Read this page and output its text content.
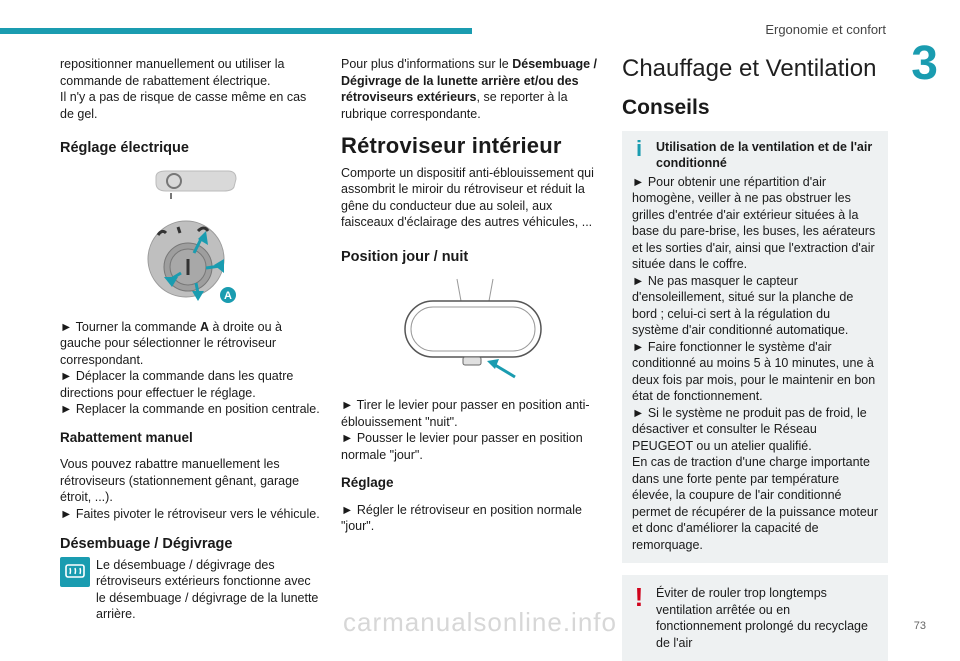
Ergonomie et confort
3

repositionner manuellement ou utiliser la commande de rabattement électrique.

Il n'y a pas de risque de casse même en cas de gel.

Réglage électrique
A

► Tourner la commande A à droite ou à gauche pour sélectionner le rétroviseur correspondant.

► Déplacer la commande dans les quatre directions pour effectuer le réglage.

► Replacer la commande en position centrale.

Rabattement manuel

Vous pouvez rabattre manuellement les rétroviseurs (stationnement gênant, garage étroit, ...).

► Faites pivoter le rétroviseur vers le véhicule.

Désembuage / Dégivrage

Le désembuage / dégivrage des rétroviseurs extérieurs fonctionne avec le désembuage / dégivrage de la lunette arrière.

Pour plus d'informations sur le Désembuage / Dégivrage de la lunette arrière et/ou des rétroviseurs extérieurs, se reporter à la rubrique correspondante.

Rétroviseur intérieur

Comporte un dispositif anti-éblouissement qui assombrit le miroir du rétroviseur et réduit la gêne du conducteur due au soleil, aux faisceaux d'éclairage des autres véhicules, ...

Position jour / nuit

► Tirer le levier pour passer en position anti-éblouissement "nuit".

► Pousser le levier pour passer en position normale "jour".

Réglage

► Régler le rétroviseur en position normale "jour".

Chauffage et Ventilation
Conseils
i	Utilisation de la ventilation et de l'air conditionné

► Pour obtenir une répartition d'air homogène, veiller à ne pas obstruer les grilles d'entrée d'air extérieur situées à la base du pare-brise, les buses, les aérateurs et les sorties d'air, ainsi que l'extraction d'air située dans le coffre.

► Ne pas masquer le capteur d'ensoleillement, situé sur la planche de bord ; celui-ci sert à la régulation du système d'air conditionné automatique.

► Faire fonctionner le système d'air conditionné au moins 5 à 10 minutes, une à deux fois par mois, pour le maintenir en bon état de fonctionnement.

► Si le système ne produit pas de froid, le désactiver et consulter le Réseau PEUGEOT ou un atelier qualifié.

En cas de traction d'une charge importante dans une forte pente par température élevée, la coupure de l'air conditionné permet de récupérer de la puissance moteur et donc d'améliorer la capacité de remorquage.

! Éviter de rouler trop longtemps ventilation arrêtée ou en fonctionnement prolongé du recyclage de l'air

73
carmanualsonline.info
